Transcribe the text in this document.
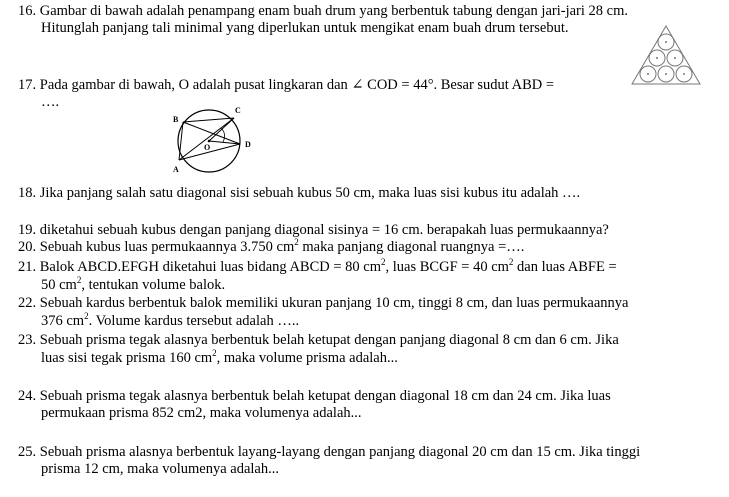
16. Gambar di bawah adalah penampang enam buah drum yang berbentuk tabung dengan jari-jari 28 cm.
Hitunglah panjang tali minimal yang diperlukan untuk mengikat enam buah drum tersebut.
17. Pada gambar di bawah, O adalah pusat lingkaran dan ∠ COD = 44°. Besar sudut ABD =
….
B
C
O	D
A
18. Jika panjang salah satu diagonal sisi sebuah kubus 50 cm, maka luas sisi kubus itu adalah ….
19. diketahui sebuah kubus dengan panjang diagonal sisinya = 16 cm. berapakah luas permukaannya?
20. Sebuah kubus luas permukaannya 3.750 $cm^2$ maka panjang diagonal ruangnya =….
21. Balok ABCD.EFGH diketahui luas bidang ABCD = 80 $cm^2$, luas BCGF = 40 $cm^2$ dan luas ABFE =
50 $cm^2$, tentukan volume balok.
22. Sebuah kardus berbentuk balok memiliki ukuran panjang 10 cm, tinggi 8 cm, dan luas permukaannya
376 $cm^2$. Volume kardus tersebut adalah …..
23. Sebuah prisma tegak alasnya berbentuk belah ketupat dengan panjang diagonal 8 cm dan 6 cm. Jika
luas sisi tegak prisma 160 $cm^2$, maka volume prisma adalah...
24. Sebuah prisma tegak alasnya berbentuk belah ketupat dengan diagonal 18 cm dan 24 cm. Jika luas
permukaan prisma 852 cm2, maka volumenya adalah...
25. Sebuah prisma alasnya berbentuk layang-layang dengan panjang diagonal 20 cm dan 15 cm. Jika tinggi
prisma 12 cm, maka volumenya adalah...
